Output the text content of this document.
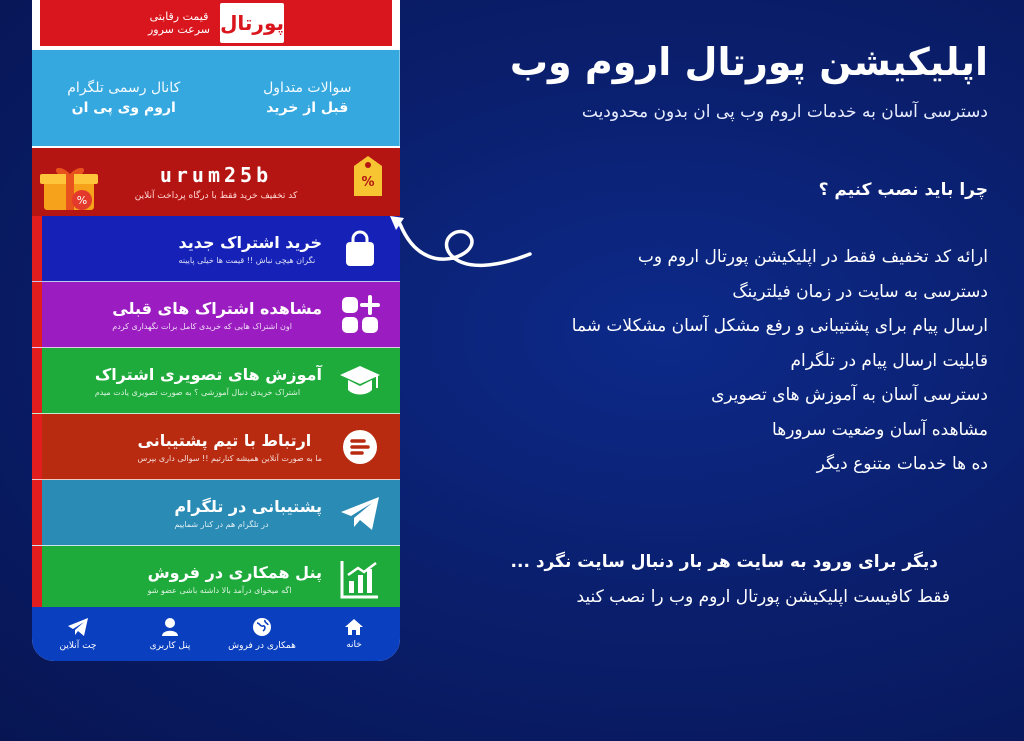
پورتال
قیمت رقابتی
سرعت سرور
کانال رسمی تلگرام
اروم وی پی ان
سوالات متداول
قبل از خرید
%
urum25b
کد تخفیف خرید فقط با درگاه پرداخت آنلاین
%
خرید اشتراک جدید
نگران هیچی نباش !! قیمت ها خیلی پایینه
مشاهده اشتراک های قبلی
اون اشتراک هایی که خریدی کامل برات نگهداری کردم
آموزش های تصویری اشتراک
اشتراک خریدی دنبال آموزشی ؟ به صورت تصویری یادت میدم
ارتباط با تیم پشتیبانی
ما به صورت آنلاین همیشه کنارتیم !! سوالی داری بپرس
پشتیبانی در تلگرام
در تلگرام هم در کنار شماییم
پنل همکاری در فروش
اگه میخوای درآمد بالا داشته باشی عضو شو
خانه
همکاری در فروش
پنل کاربری
چت آنلاین
اپلیکیشن پورتال اروم وب
دسترسی آسان به خدمات اروم وب پی ان بدون محدودیت
چرا باید نصب کنیم ؟
ارائه کد تخفیف فقط در اپلیکیشن پورتال اروم وب
دسترسی به سایت در زمان فیلترینگ
ارسال پیام برای پشتیبانی و رفع مشکل آسان مشکلات شما
قابلیت ارسال پیام در تلگرام
دسترسی آسان به آموزش های تصویری
مشاهده آسان وضعیت سرورها
ده ها خدمات متنوع دیگر
دیگر برای ورود به سایت هر بار دنبال سایت نگرد ...
فقط کافیست اپلیکیشن پورتال اروم وب را نصب کنید
